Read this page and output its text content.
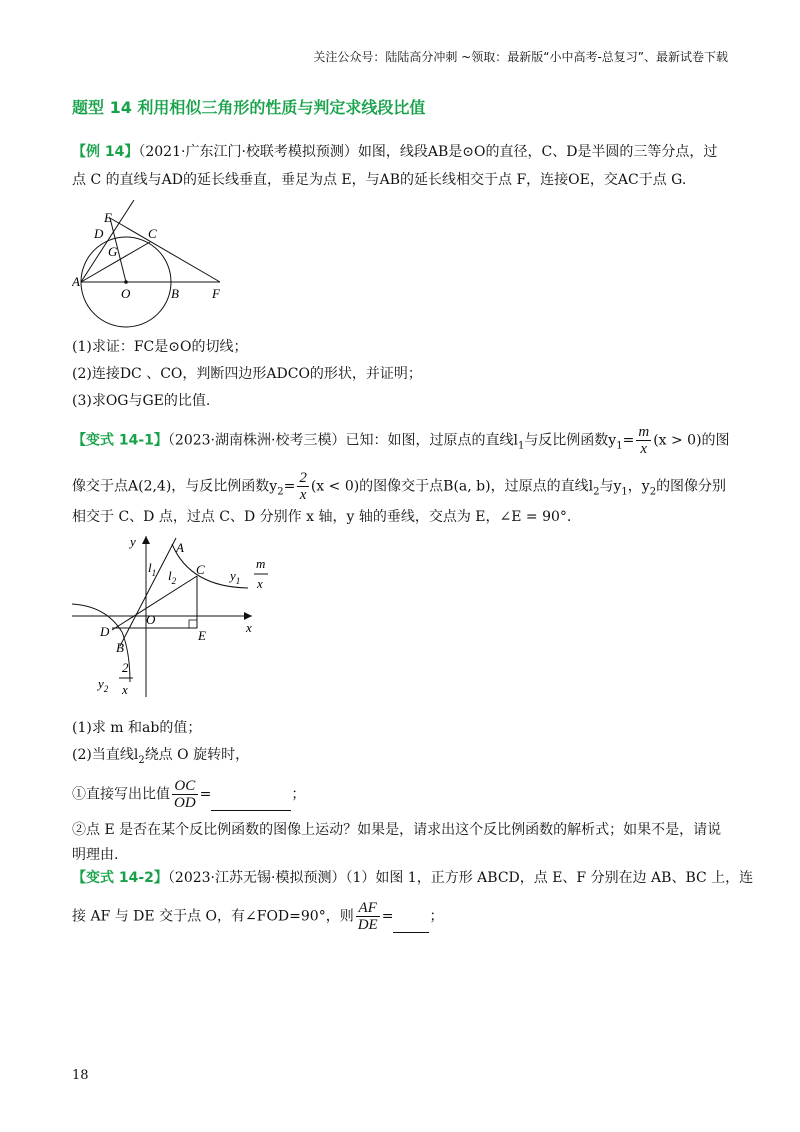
关注公众号：陆陆高分冲刺 ~领取：最新版“小中高考-总复习”、最新试卷下载
题型 14 利用相似三角形的性质与判定求线段比值
【例 14】（2021·广东江门·校联考模拟预测）如图，线段AB是⊙O的直径，C、D是半圆的三等分点，过
点 C 的直线与AD的延长线垂直，垂足为点 E，与AB的延长线相交于点 F，连接OE，交AC于点 G.
E
D	C
G
A
O	B	F
(1)求证：FC是⊙O的切线；
(2)连接DC 、CO，判断四边形ADCO的形状，并证明；
(3)求OG与GE的比值.
【变式 14-1】（2023·湖南株洲·校考三模）已知：如图，过原点的直线$l_1$与反比例函数$y_1= \frac{m}{x} (x > 0)$的图
像交于点A(2,4)，与反比例函数$y_2= \frac{2}{x} (x < 0)$的图像交于点B(a, b)，过原点的直线$l_2$与$y_1$，$y_2$的图像分别
相交于 C、D 点，过点 C、D 分别作 x 轴，y 轴的垂线，交点为 E，∠E = 90°.
y
x
A
C
$l_1$ $l_2$	$y_1$
m
x
O
D
B
E
$y_2$
2
x
(1)求 m 和ab的值；
(2)当直线$l_2$绕点 O 旋转时，
①直接写出比值 $\frac{OC}{OD}$ =	；
②点 E 是否在某个反比例函数的图像上运动？如果是，请求出这个反比例函数的解析式；如果不是，请说
明理由.
【变式 14-2】（2023·江苏无锡·模拟预测）（1）如图 1，正方形 ABCD，点 E、F 分别在边 AB、BC 上，连
接 AF 与 DE 交于点 O，有∠FOD=90°，则 $\frac{AF}{DE}$ =	；
18
